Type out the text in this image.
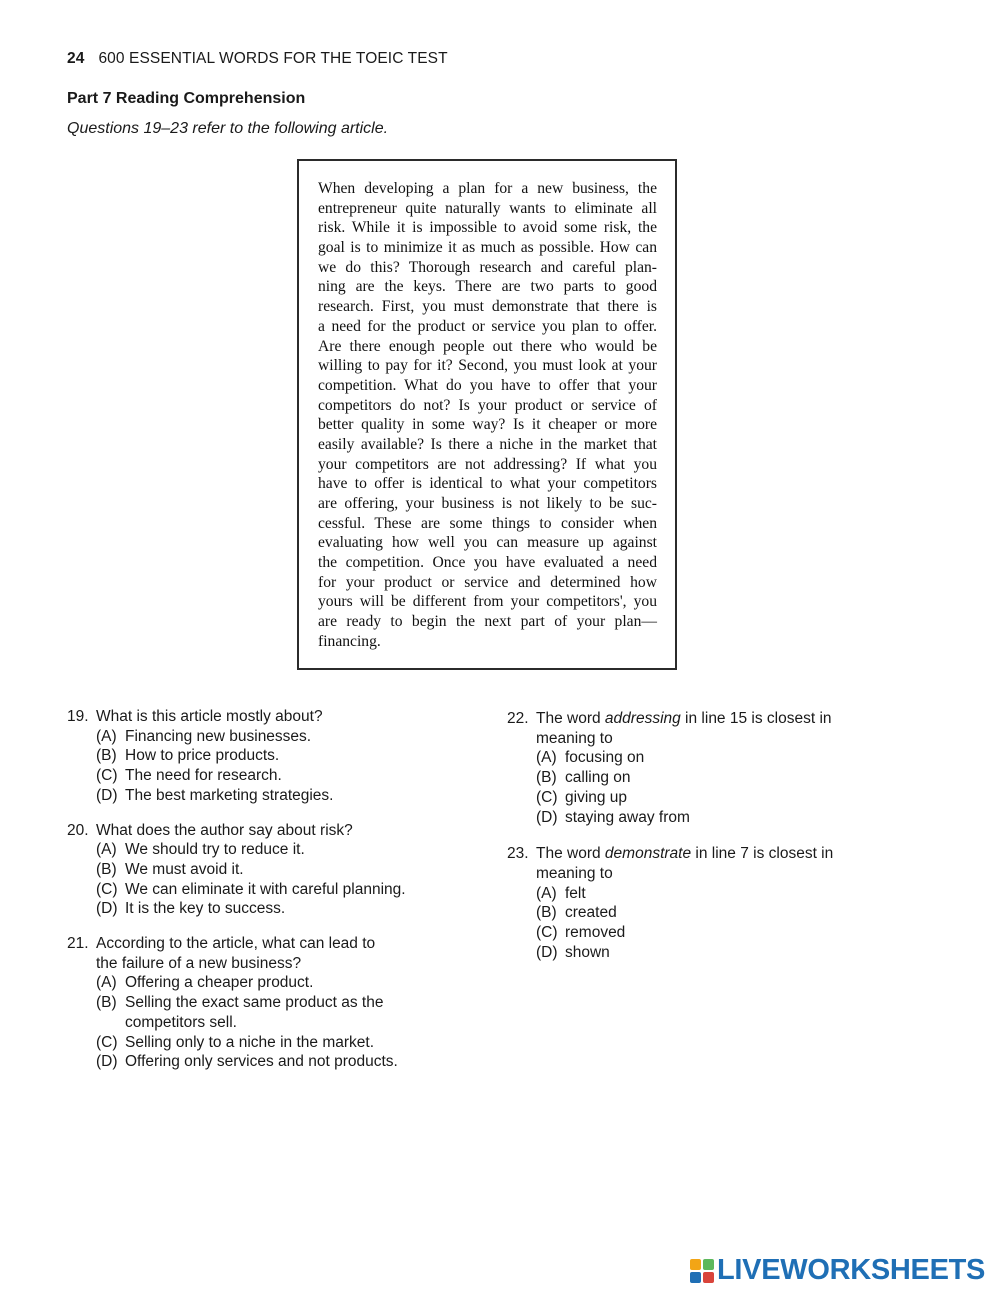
24 600 ESSENTIAL WORDS FOR THE TOEIC TEST
Part 7 Reading Comprehension
Questions 19–23 refer to the following article.
When developing a plan for a new business, the
entrepreneur quite naturally wants to eliminate all
risk. While it is impossible to avoid some risk, the
goal is to minimize it as much as possible. How can
we do this? Thorough research and careful plan-
ning are the keys. There are two parts to good
research. First, you must demonstrate that there is
a need for the product or service you plan to offer.
Are there enough people out there who would be
willing to pay for it? Second, you must look at your
competition. What do you have to offer that your
competitors do not? Is your product or service of
better quality in some way? Is it cheaper or more
easily available? Is there a niche in the market that
your competitors are not addressing? If what you
have to offer is identical to what your competitors
are offering, your business is not likely to be suc-
cessful. These are some things to consider when
evaluating how well you can measure up against
the competition. Once you have evaluated a need
for your product or service and determined how
yours will be different from your competitors', you
are ready to begin the next part of your plan—
financing.
19. What is this article mostly about?
(A) Financing new businesses.
(B) How to price products.
(C) The need for research.
(D) The best marketing strategies.
20. What does the author say about risk?
(A) We should try to reduce it.
(B) We must avoid it.
(C) We can eliminate it with careful planning.
(D) It is the key to success.
21. According to the article, what can lead to the failure of a new business?
(A) Offering a cheaper product.
(B) Selling the exact same product as the competitors sell.
(C) Selling only to a niche in the market.
(D) Offering only services and not products.
22. The word addressing in line 15 is closest in meaning to
(A) focusing on
(B) calling on
(C) giving up
(D) staying away from
23. The word demonstrate in line 7 is closest in meaning to
(A) felt
(B) created
(C) removed
(D) shown
LIVEWORKSHEETS
